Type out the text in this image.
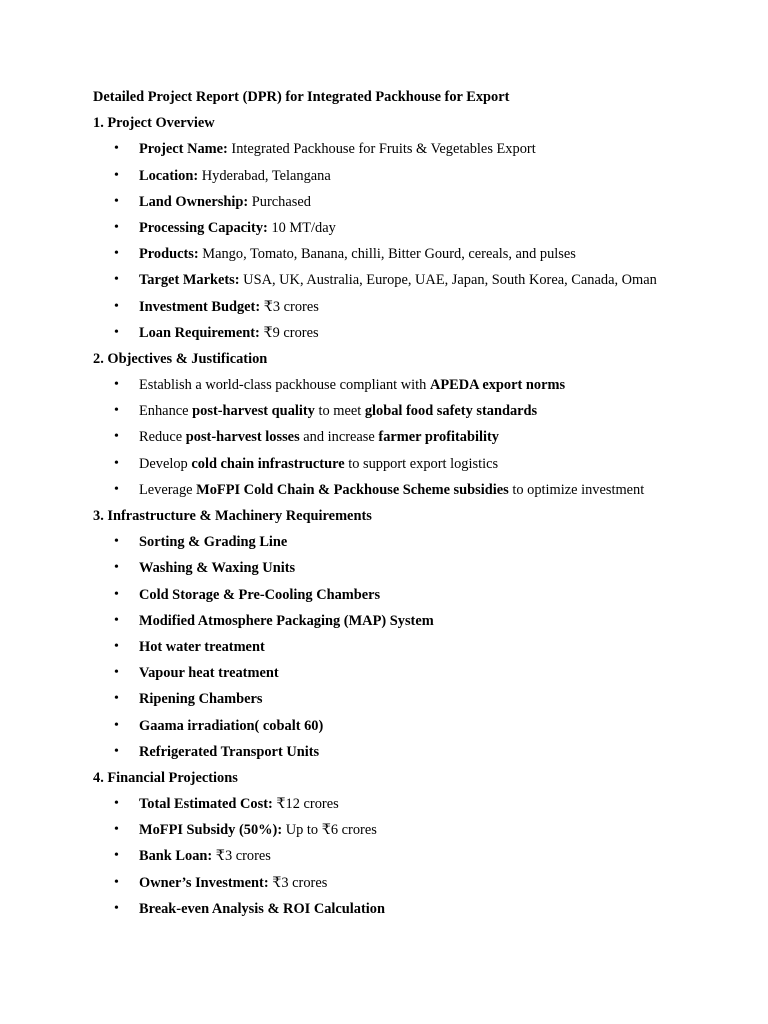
Detailed Project Report (DPR) for Integrated Packhouse for Export
1. Project Overview
• Project Name: Integrated Packhouse for Fruits & Vegetables Export
• Location: Hyderabad, Telangana
• Land Ownership: Purchased
• Processing Capacity: 10 MT/day
• Products: Mango, Tomato, Banana, chilli, Bitter Gourd, cereals, and pulses
• Target Markets: USA, UK, Australia, Europe, UAE, Japan, South Korea, Canada, Oman
• Investment Budget: ₹3 crores
• Loan Requirement: ₹9 crores
2. Objectives & Justification
• Establish a world-class packhouse compliant with APEDA export norms
• Enhance post-harvest quality to meet global food safety standards
• Reduce post-harvest losses and increase farmer profitability
• Develop cold chain infrastructure to support export logistics
• Leverage MoFPI Cold Chain & Packhouse Scheme subsidies to optimize investment
3. Infrastructure & Machinery Requirements
• Sorting & Grading Line
• Washing & Waxing Units
• Cold Storage & Pre-Cooling Chambers
• Modified Atmosphere Packaging (MAP) System
• Hot water treatment
• Vapour heat treatment
• Ripening Chambers
• Gaama irradiation( cobalt 60)
• Refrigerated Transport Units
4. Financial Projections
• Total Estimated Cost: ₹12 crores
• MoFPI Subsidy (50%): Up to ₹6 crores
• Bank Loan: ₹3 crores
• Owner’s Investment: ₹3 crores
• Break-even Analysis & ROI Calculation
